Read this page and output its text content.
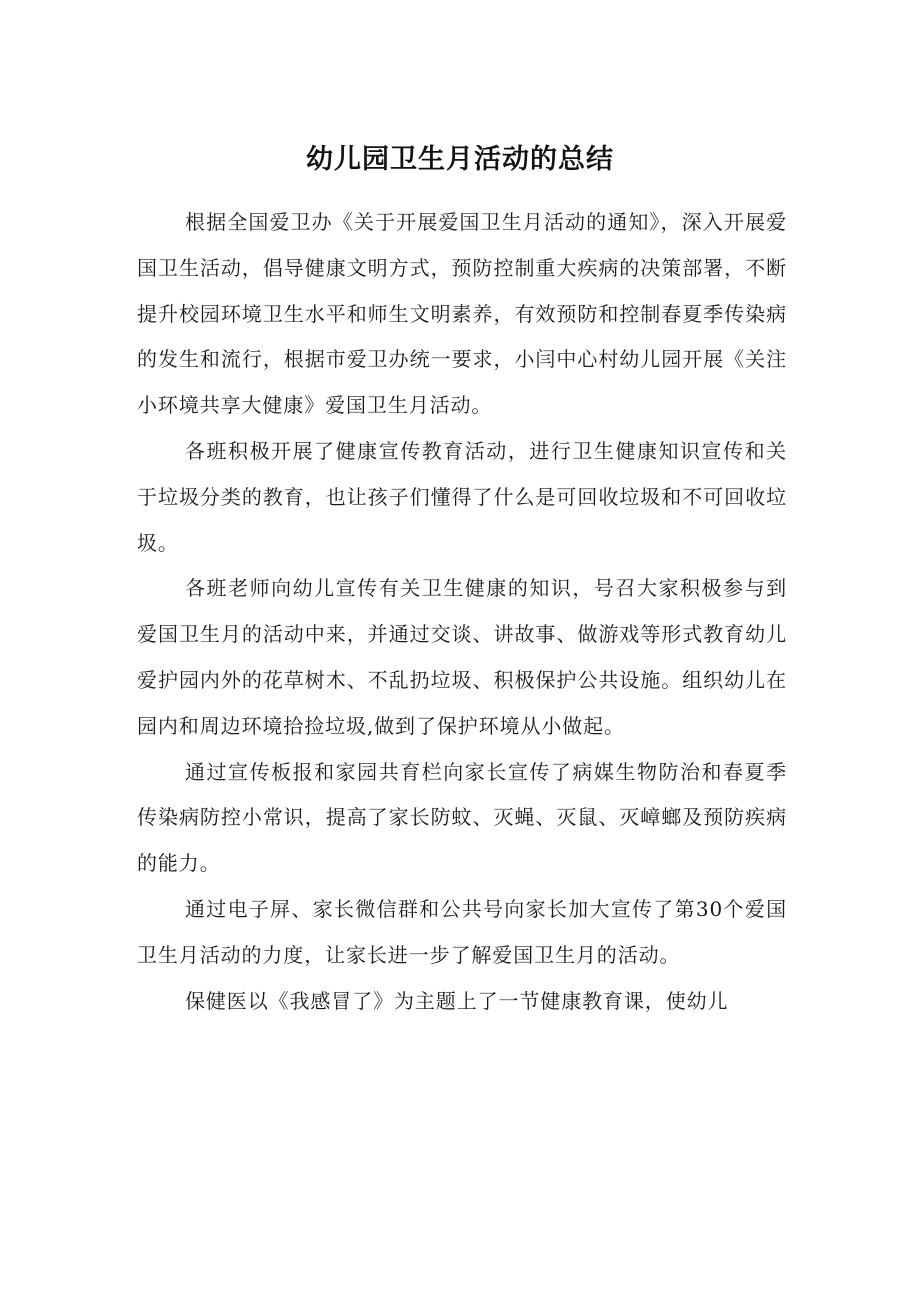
幼儿园卫生月活动的总结

根据全国爱卫办《关于开展爱国卫生月活动的通知》，深入开展爱国卫生活动，倡导健康文明方式，预防控制重大疾病的决策部署，不断提升校园环境卫生水平和师生文明素养，有效预防和控制春夏季传染病的发生和流行，根据市爱卫办统一要求，小闫中心村幼儿园开展《关注小环境共享大健康》爱国卫生月活动。

各班积极开展了健康宣传教育活动，进行卫生健康知识宣传和关于垃圾分类的教育，也让孩子们懂得了什么是可回收垃圾和不可回收垃圾。

各班老师向幼儿宣传有关卫生健康的知识，号召大家积极参与到爱国卫生月的活动中来，并通过交谈、讲故事、做游戏等形式教育幼儿爱护园内外的花草树木、不乱扔垃圾、积极保护公共设施。组织幼儿在园内和周边环境拾捡垃圾,做到了保护环境从小做起。

通过宣传板报和家园共育栏向家长宣传了病媒生物防治和春夏季传染病防控小常识，提高了家长防蚊、灭蝇、灭鼠、灭嶂螂及预防疾病的能力。

通过电子屏、家长微信群和公共号向家长加大宣传了第30个爱国卫生月活动的力度，让家长进一步了解爱国卫生月的活动。

保健医以《我感冒了》为主题上了一节健康教育课，使幼儿
